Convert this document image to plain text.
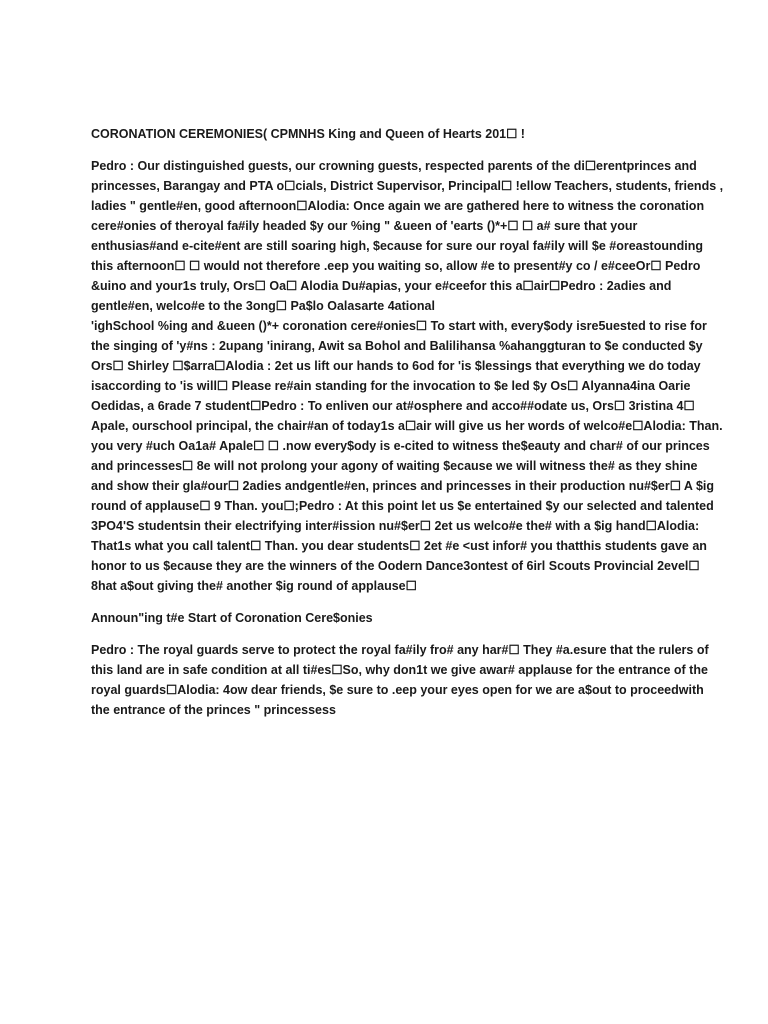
CORONATION CEREMONIES( CPMNHS King and Queen of Hearts 201☐ !
Pedro : Our distinguished guests, our crowning guests, respected parents of the di☐erentprinces and
princesses, Barangay and PTA o☐cials, District Supervisor, Principal☐ !ellow Teachers, students, friends ,
ladies " gentle#en, good afternoon☐Alodia: Once again we are gathered here to witness the coronation
cere#onies of theroyal fa#ily headed $y our %ing " &ueen of 'earts ()*+☐ ☐ a# sure that your
enthusias#and e-cite#ent are still soaring high, $ecause for sure our royal fa#ily will $e #oreastounding
this afternoon☐ ☐ would not therefore .eep you waiting so, allow #e to present#y co / e#ceeOr☐ Pedro
&uino and your1s truly, Ors☐ Oa☐ Alodia Du#apias, your e#ceefor this a☐air☐Pedro : 2adies and
gentle#en, welco#e to the 3ong☐ Pa$lo Oalasarte 4ational
'ighSchool %ing and &ueen ()*+ coronation cere#onies☐ To start with, every$ody isre5uested to rise for
the singing of 'y#ns : 2upang 'inirang, Awit sa Bohol and Balilihansa %ahanggturan to $e conducted $y
Ors☐ Shirley ☐$arra☐Alodia : 2et us lift our hands to 6od for 'is $lessings that everything we do today
isaccording to 'is will☐ Please re#ain standing for the invocation to $e led $y Os☐ Alyanna4ina Oarie
Oedidas, a 6rade 7 student☐Pedro : To enliven our at#osphere and acco##odate us, Ors☐ 3ristina 4☐
Apale, ourschool principal, the chair#an of today1s a☐air will give us her words of welco#e☐Alodia: Than.
you very #uch Oa1a# Apale☐ ☐ .now every$ody is e-cited to witness the$eauty and char# of our princes
and princesses☐ 8e will not prolong your agony of waiting $ecause we will witness the# as they shine
and show their gla#our☐ 2adies andgentle#en, princes and princesses in their production nu#$er☐ A $ig
round of applause☐ 9 Than. you☐;Pedro : At this point let us $e entertained $y our selected and talented
3PO4'S studentsin their electrifying inter#ission nu#$er☐ 2et us welco#e the# with a $ig hand☐Alodia:
That1s what you call talent☐ Than. you dear students☐ 2et #e <ust infor# you thatthis students gave an
honor to us $ecause they are the winners of the Oodern Dance3ontest of 6irl Scouts Provincial 2evel☐
8hat a$out giving the# another $ig round of applause☐
Announ"ing t#e Start of Coronation Cere$onies
Pedro : The royal guards serve to protect the royal fa#ily fro# any har#☐ They #a.esure that the rulers of
this land are in safe condition at all ti#es☐So, why don1t we give awar# applause for the entrance of the
royal guards☐Alodia: 4ow dear friends, $e sure to .eep your eyes open for we are a$out to proceedwith
the entrance of the princes " princessess
